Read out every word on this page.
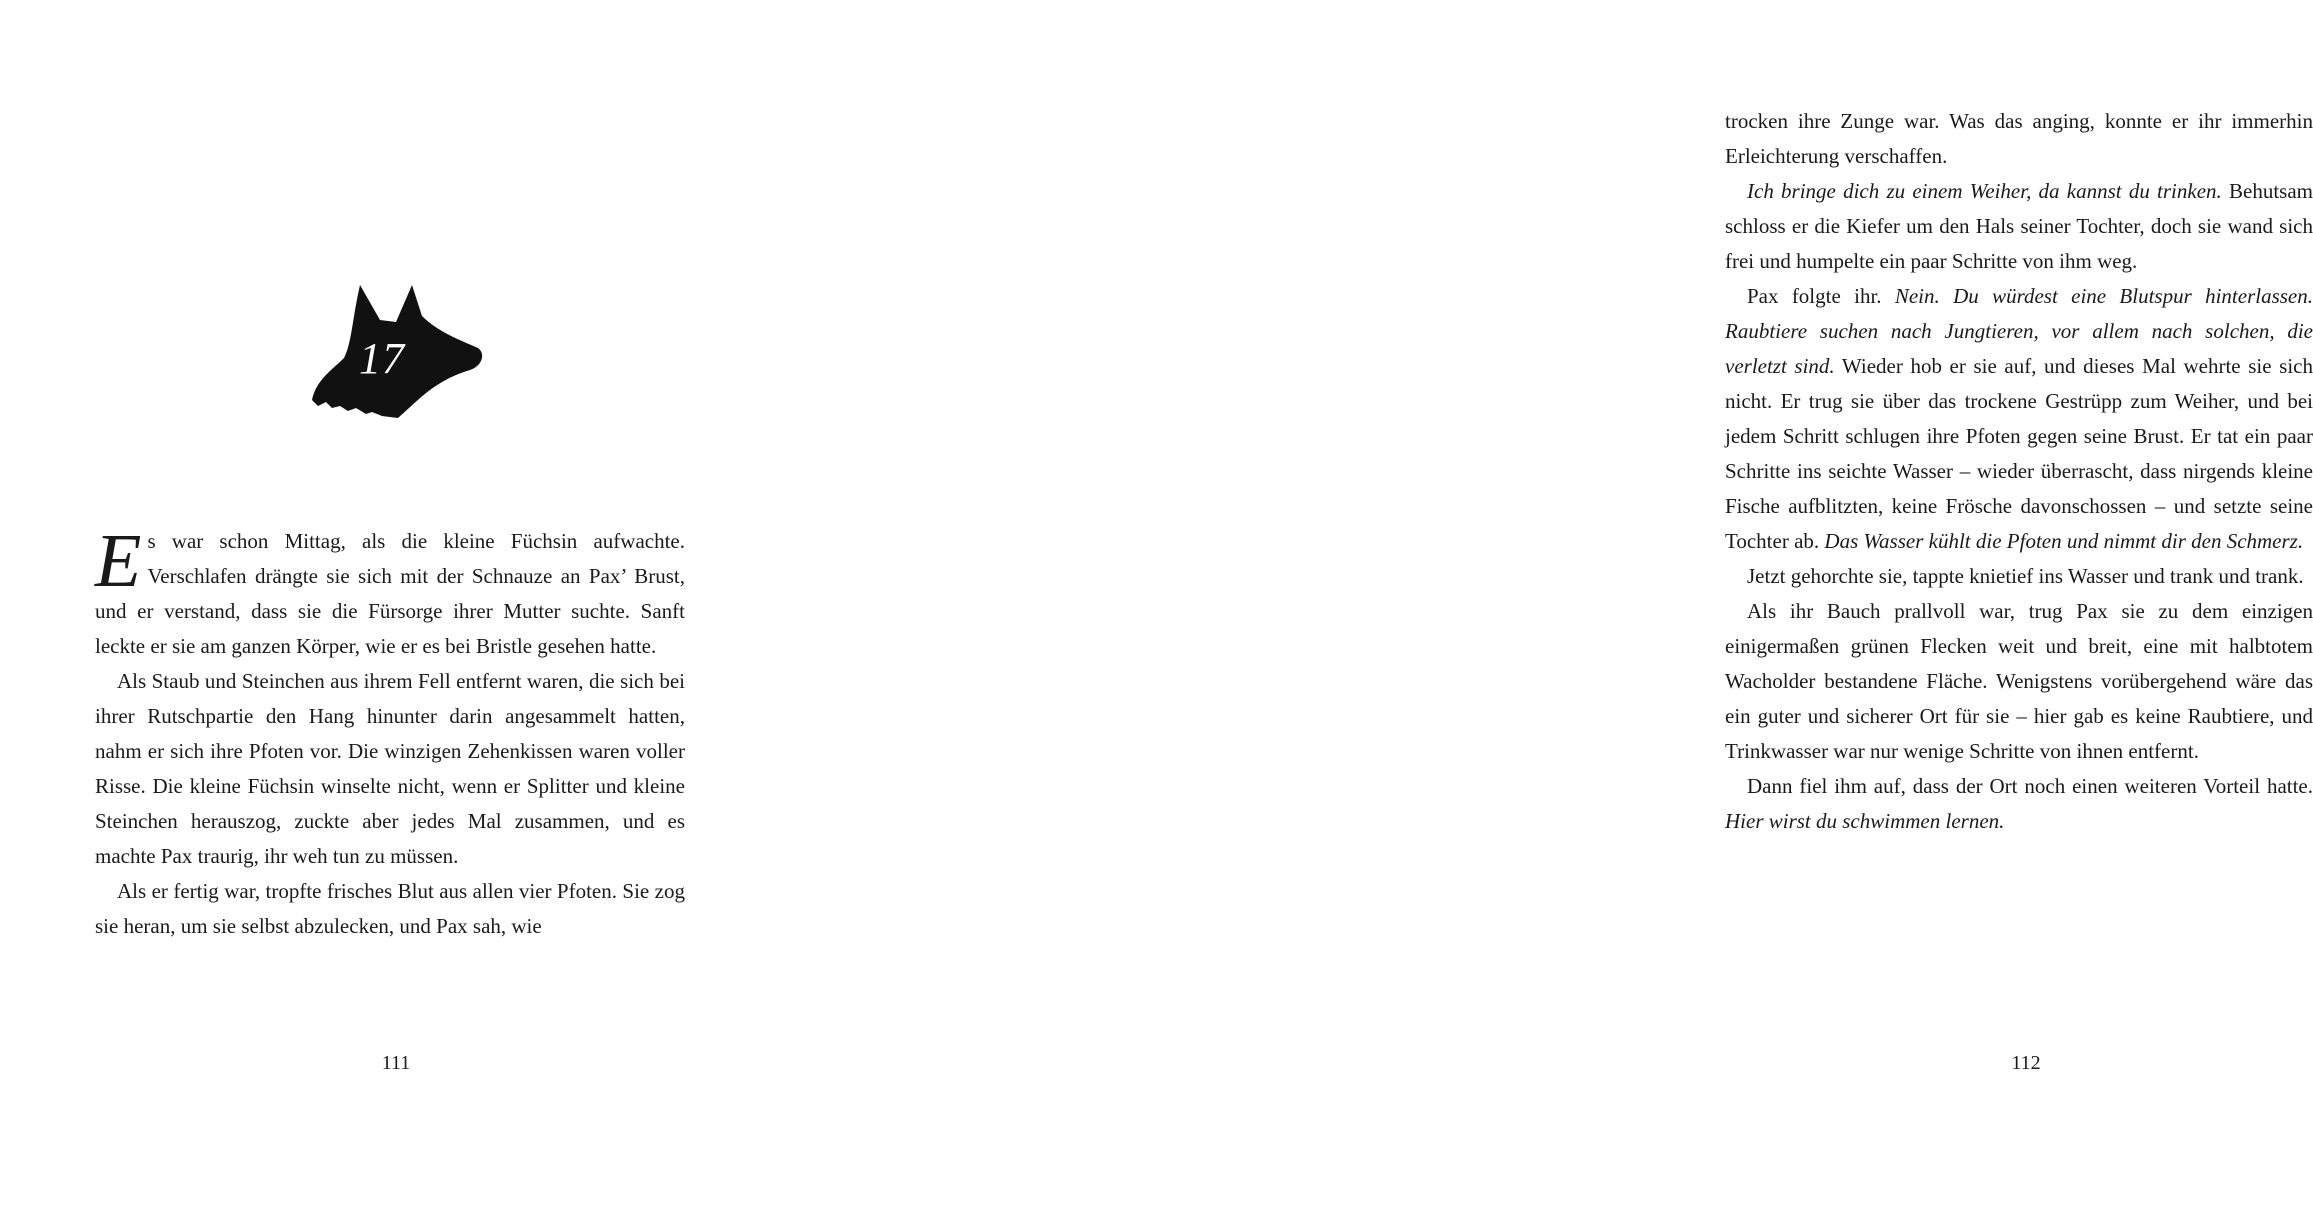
17

Es war schon Mittag, als die kleine Füchsin aufwachte. Verschlafen drängte sie sich mit der Schnauze an Pax’ Brust, und er verstand, dass sie die Fürsorge ihrer Mutter suchte. Sanft leckte er sie am ganzen Körper, wie er es bei Bristle gesehen hatte.

Als Staub und Steinchen aus ihrem Fell entfernt waren, die sich bei ihrer Rutschpartie den Hang hinunter darin angesammelt hatten, nahm er sich ihre Pfoten vor. Die winzigen Zehenkissen waren voller Risse. Die kleine Füchsin winselte nicht, wenn er Splitter und kleine Steinchen herauszog, zuckte aber jedes Mal zusammen, und es machte Pax traurig, ihr weh tun zu müssen.

Als er fertig war, tropfte frisches Blut aus allen vier Pfoten. Sie zog sie heran, um sie selbst abzulecken, und Pax sah, wie

111

trocken ihre Zunge war. Was das anging, konnte er ihr immerhin Erleichterung verschaffen.

Ich bringe dich zu einem Weiher, da kannst du trinken. Behutsam schloss er die Kiefer um den Hals seiner Tochter, doch sie wand sich frei und humpelte ein paar Schritte von ihm weg.

Pax folgte ihr. Nein. Du würdest eine Blutspur hinterlassen. Raubtiere suchen nach Jungtieren, vor allem nach solchen, die verletzt sind. Wieder hob er sie auf, und dieses Mal wehrte sie sich nicht. Er trug sie über das trockene Gestrüpp zum Weiher, und bei jedem Schritt schlugen ihre Pfoten gegen seine Brust. Er tat ein paar Schritte ins seichte Wasser – wieder überrascht, dass nirgends kleine Fische aufblitzten, keine Frösche davonschossen – und setzte seine Tochter ab. Das Wasser kühlt die Pfoten und nimmt dir den Schmerz.

Jetzt gehorchte sie, tappte knietief ins Wasser und trank und trank.

Als ihr Bauch prallvoll war, trug Pax sie zu dem einzigen einigermaßen grünen Flecken weit und breit, eine mit halbtotem Wacholder bestandene Fläche. Wenigstens vorübergehend wäre das ein guter und sicherer Ort für sie – hier gab es keine Raubtiere, und Trinkwasser war nur wenige Schritte von ihnen entfernt.

Dann fiel ihm auf, dass der Ort noch einen weiteren Vorteil hatte. Hier wirst du schwimmen lernen.

112
